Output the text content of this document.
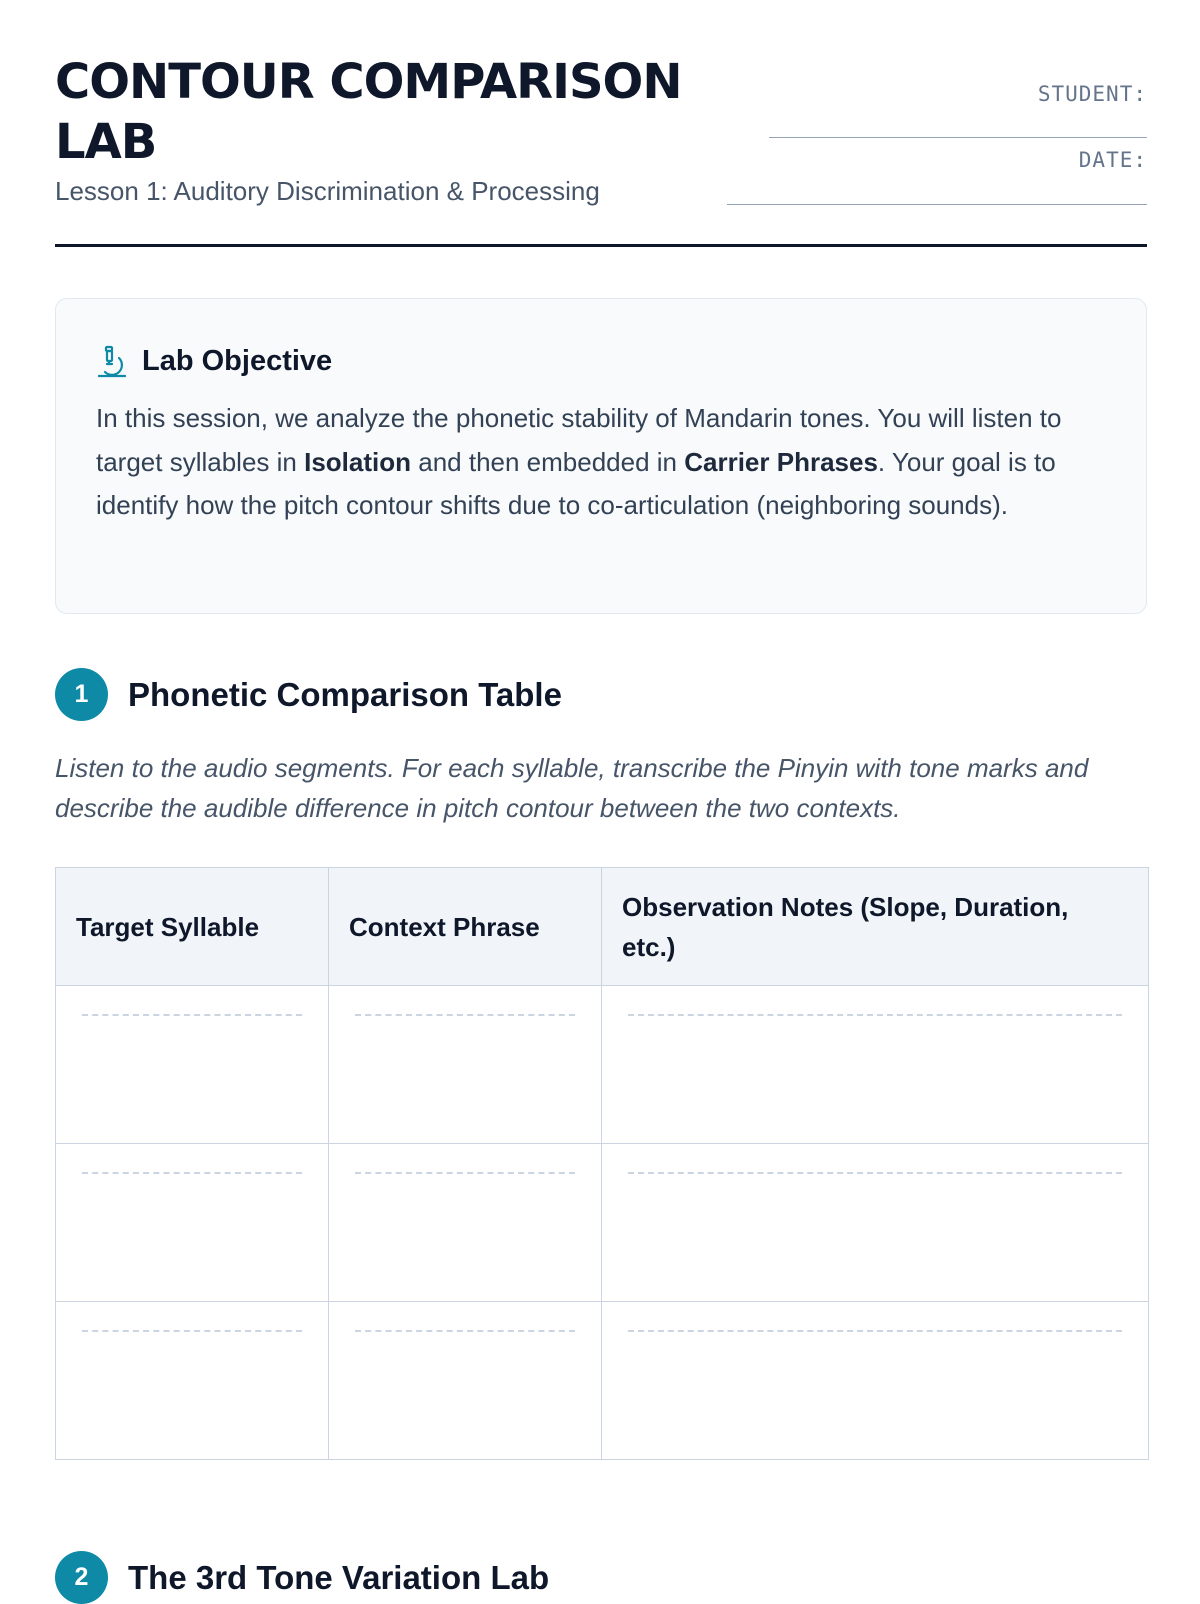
CONTOUR COMPARISON LAB

Lesson 1: Auditory Discrimination & Processing

STUDENT:
DATE:
Lab Objective
In this session, we analyze the phonetic stability of Mandarin tones. You will listen to target syllables in Isolation and then embedded in Carrier Phrases. Your goal is to identify how the pitch contour shifts due to co-articulation (neighboring sounds).
1	Phonetic Comparison Table
Listen to the audio segments. For each syllable, transcribe the Pinyin with tone marks and describe the audible difference in pitch contour between the two contexts.
Target Syllable	Context Phrase	Observation Notes (Slope, Duration, etc.)

2	The 3rd Tone Variation Lab
